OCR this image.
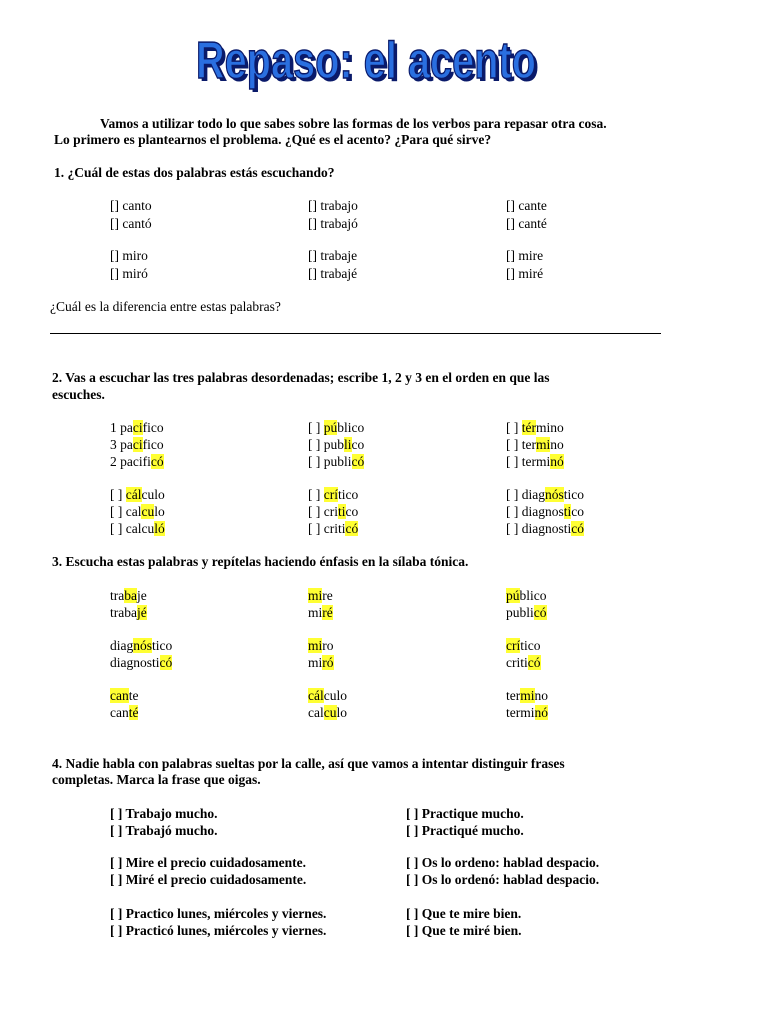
Repaso: el acento
Repaso: el acento
Vamos a utilizar todo lo que sabes sobre las formas de los verbos para repasar otra cosa.
Lo primero es plantearnos el problema. ¿Qué es el acento? ¿Para qué sirve?
1. ¿Cuál de estas dos palabras estás escuchando?
[] canto
[] cantó
[] trabajo
[] trabajó
[] cante
[] canté
[] miro
[] miró
[] trabaje
[] trabajé
[] mire
[] miré
¿Cuál es la diferencia entre estas palabras?
2. Vas a escuchar las tres palabras desordenadas; escribe 1, 2 y 3 en el orden en que las
escuches.
1 pacifico
3 pacifico
2 pacificó
[ ] público
[ ] publico
[ ] publicó
[ ] término
[ ] termino
[ ] terminó
[ ] cálculo
[ ] calculo
[ ] calculó
[ ] crítico
[ ] critico
[ ] criticó
[ ] diagnóstico
[ ] diagnostico
[ ] diagnosticó
3. Escucha estas palabras y repítelas haciendo énfasis en la sílaba tónica.
trabaje
trabajé
mire
miré
público
publicó
diagnóstico
diagnosticó
miro
miró
crítico
criticó
cante
canté
cálculo
calculo
termino
terminó
4. Nadie habla con palabras sueltas por la calle, así que vamos a intentar distinguir frases
completas. Marca la frase que oigas.
[ ] Trabajo mucho.
[ ] Trabajó mucho.
[ ] Practique mucho.
[ ] Practiqué mucho.
[ ] Mire el precio cuidadosamente.
[ ] Miré el precio cuidadosamente.
[ ] Os lo ordeno: hablad despacio.
[ ] Os lo ordenó: hablad despacio.
[ ] Practico lunes, miércoles y viernes.
[ ] Practicó lunes, miércoles y viernes.
[ ] Que te mire bien.
[ ] Que te miré bien.
